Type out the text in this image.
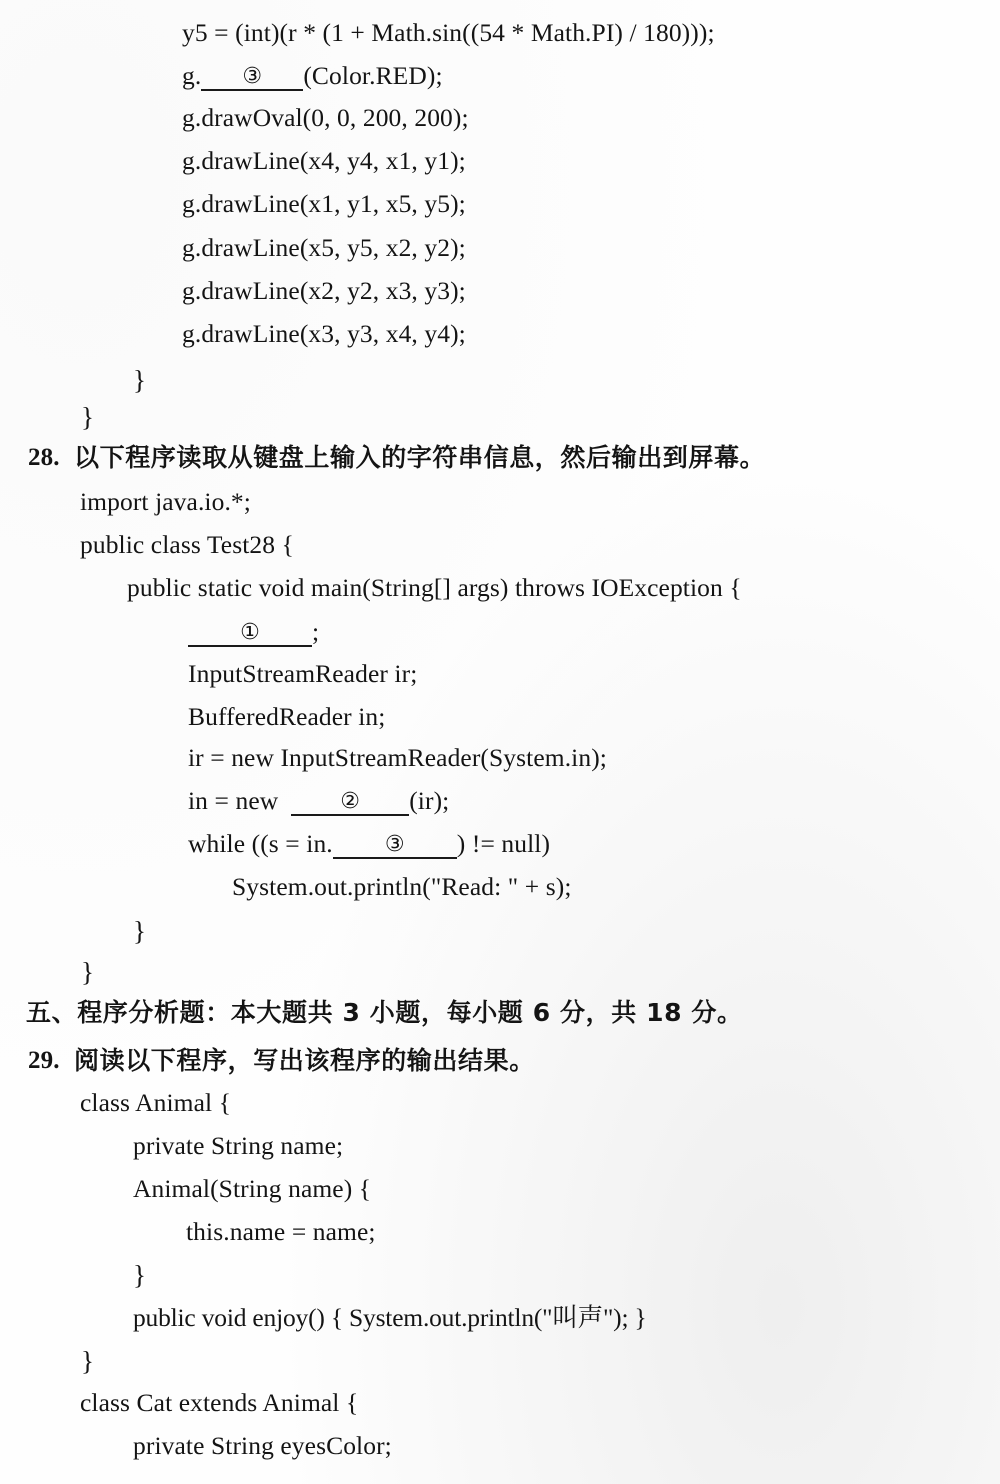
y5 = (int)(r * (1 + Math.sin((54 * Math.PI) / 180)));
g. ③ (Color.RED);
g.drawOval(0, 0, 200, 200);
g.drawLine(x4, y4, x1, y1);
g.drawLine(x1, y1, x5, y5);
g.drawLine(x5, y5, x2, y2);
g.drawLine(x2, y2, x3, y3);
g.drawLine(x3, y3, x4, y4);
}
}
28. 以下程序读取从键盘上输入的字符串信息，然后输出到屏幕。
import java.io.*;
public class Test28 {
public static void main(String[] args) throws IOException {
① ;
InputStreamReader ir;
BufferedReader in;
ir = new InputStreamReader(System.in);
in = new  ② (ir);
while ((s = in. ③ ) != null)
System.out.println("Read: " + s);
}
}
五、程序分析题：本大题共 3 小题，每小题 6 分，共 18 分。
29. 阅读以下程序，写出该程序的输出结果。
class Animal {
private String name;
Animal(String name) {
this.name = name;
}
public void enjoy() { System.out.println("叫声"); }
}
class Cat extends Animal {
private String eyesColor;
